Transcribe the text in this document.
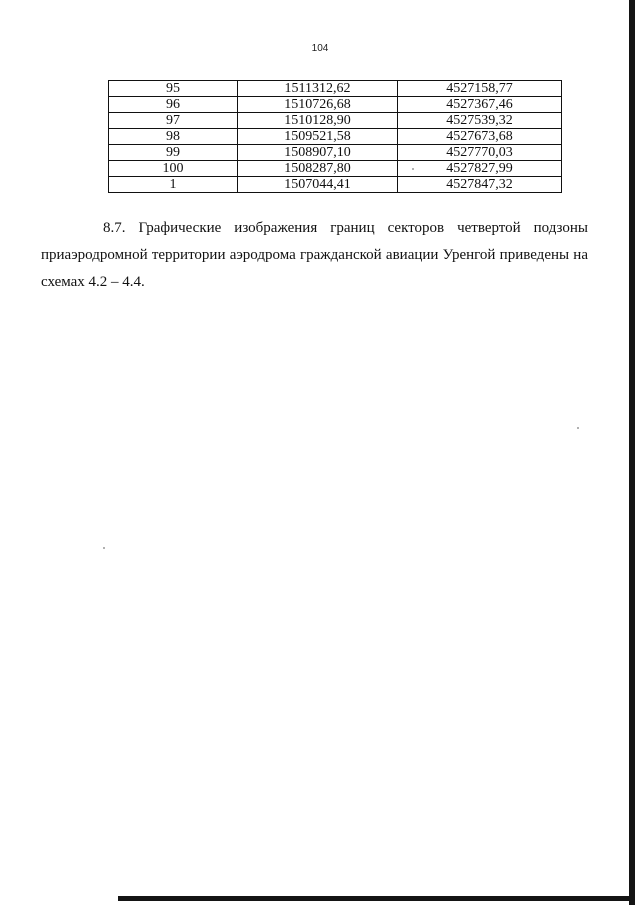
104
95	1511312,62	4527158,77
96	1510726,68	4527367,46
97	1510128,90	4527539,32
98	1509521,58	4527673,68
99	1508907,10	4527770,03
100	1508287,80	4527827,99
1	1507044,41	4527847,32
8.7. Графические изображения границ секторов четвертой подзоны
приаэродромной территории аэродрома гражданской авиации Уренгой приведены на
схемах 4.2 – 4.4.
